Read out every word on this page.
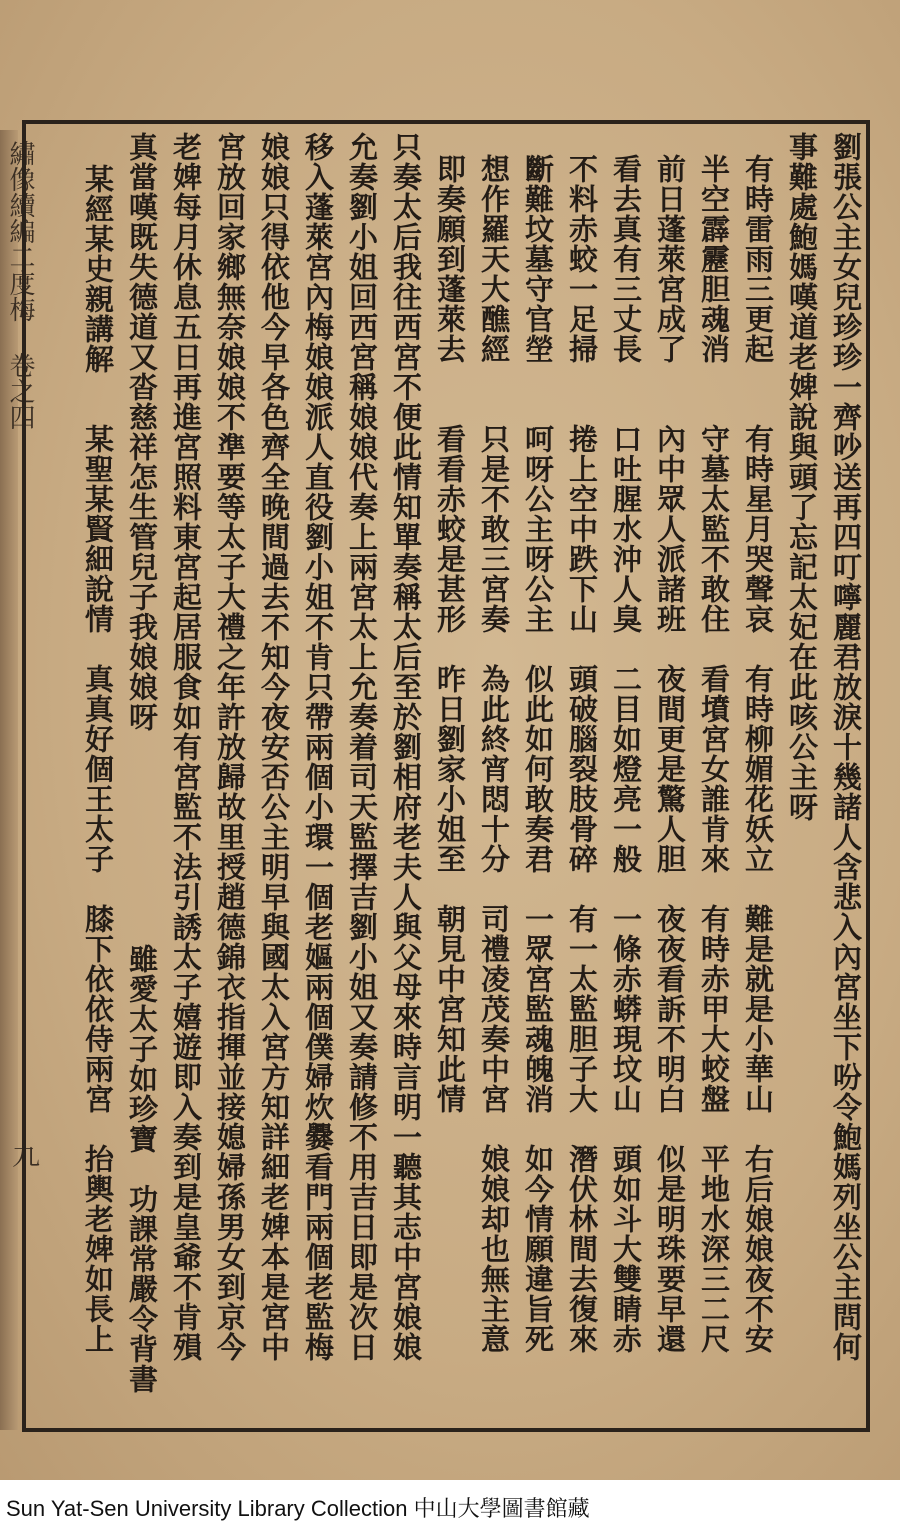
繡像續編二度梅 卷之四
九	劉張公主女兒珍珍一齊吵送再四叮嚀麗君放淚十幾諸人含悲入內宮坐下吩令鮑媽列坐公主問何
事難處鮑媽嘆道老婢說與頭了忘記太妃在此咳公主呀
有時雷雨三更起
有時星月哭聲哀　有時柳媚花妖立　難是就是小華山　右后娘娘夜不安
半空霹靂胆魂消
守墓太監不敢住　看墳宮女誰肯來　有時赤甲大蛟盤　平地水深三二尺
前日蓬萊宮成了
內中眾人派諸班　夜間更是驚人胆　夜夜看訴不明白　似是明珠要早還
看去真有三丈長
口吐腥水沖人臭　二目如燈亮一般　一條赤蟒現坟山　頭如斗大雙睛赤
不料赤蛟一足掃
捲上空中跌下山　頭破腦裂肢骨碎　有一太監胆子大　潛伏林間去復來
斷難坟墓守官塋
呵呀公主呀公主　似此如何敢奏君　一眾宮監魂魄消　如今情願違旨死
想作羅天大醮經
只是不敢三宮奏　為此終宵悶十分　司禮凌茂奏中宮　娘娘却也無主意
即奏願到蓬萊去
看看赤蛟是甚形　昨日劉家小姐至　朝見中宮知此情
只奏太后我往西宮不便此情知單奏稱太后至於劉相府老夫人與父母來時言明一聽其志中宮娘娘
允奏劉小姐回西宮稱娘娘代奏上兩宮太上允奏着司天監擇吉劉小姐又奏請修不用吉日即是次日
移入蓬萊宮內梅娘娘派人直役劉小姐不肯只帶兩個小環一個老嫗兩個僕婦炊爨看門兩個老監梅
娘娘只得依他今早各色齊全晚間過去不知今夜安否公主明早與國太入宮方知詳細老婢本是宮中
宮放回家鄉無奈娘娘不準要等太子大禮之年許放歸故里授趙德錦衣指揮並接媳婦孫男女到京今
老婢每月休息五日再進宮照料東宮起居服食如有宮監不法引誘太子嬉遊即入奏到是皇爺不肯殞
真當嘆既失德道又沓慈祥怎生管兒子我娘娘呀
雖愛太子如珍寶　功課常嚴令背書
某經某史親講解
某聖某賢細說情　真真好個王太子　膝下依依侍兩宮　抬輿老婢如長上
Sun Yat-Sen University Library Collection 中山大學圖書館藏
